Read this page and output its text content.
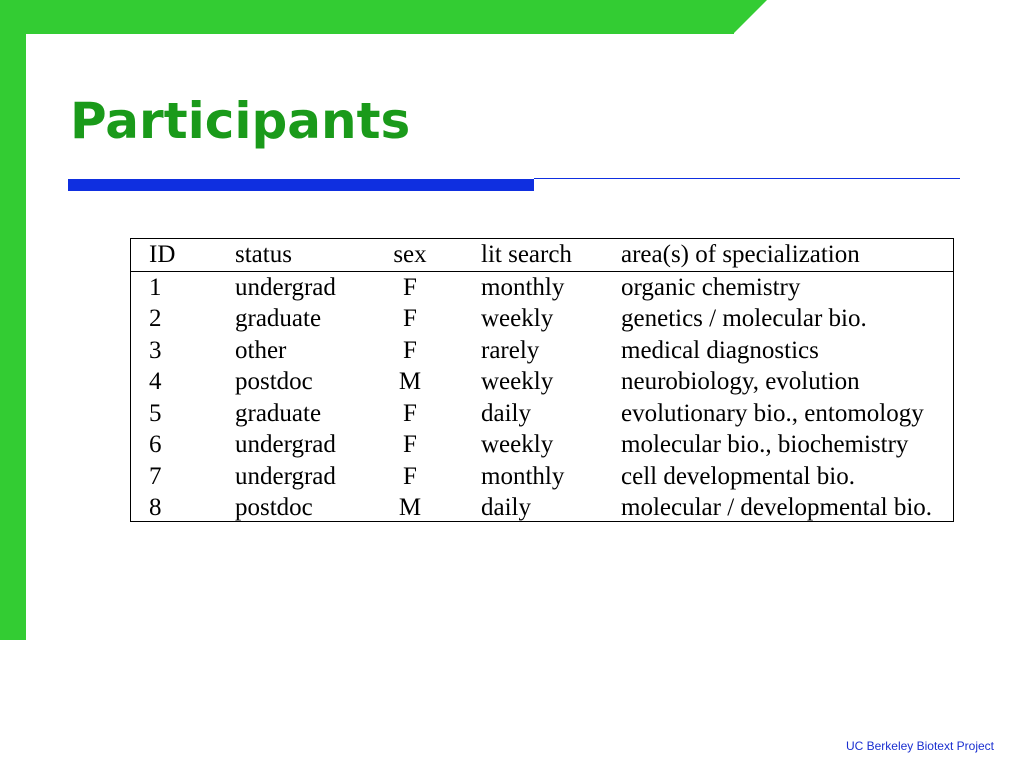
Participants
ID	status	sex	lit search	area(s) of specialization
1	undergrad	F	monthly	organic chemistry
2	graduate	F	weekly	genetics / molecular bio.
3	other	F	rarely	medical diagnostics
4	postdoc	M	weekly	neurobiology, evolution
5	graduate	F	daily	evolutionary bio., entomology
6	undergrad	F	weekly	molecular bio., biochemistry
7	undergrad	F	monthly	cell developmental bio.
8	postdoc	M	daily	molecular / developmental bio.
UC Berkeley Biotext Project
